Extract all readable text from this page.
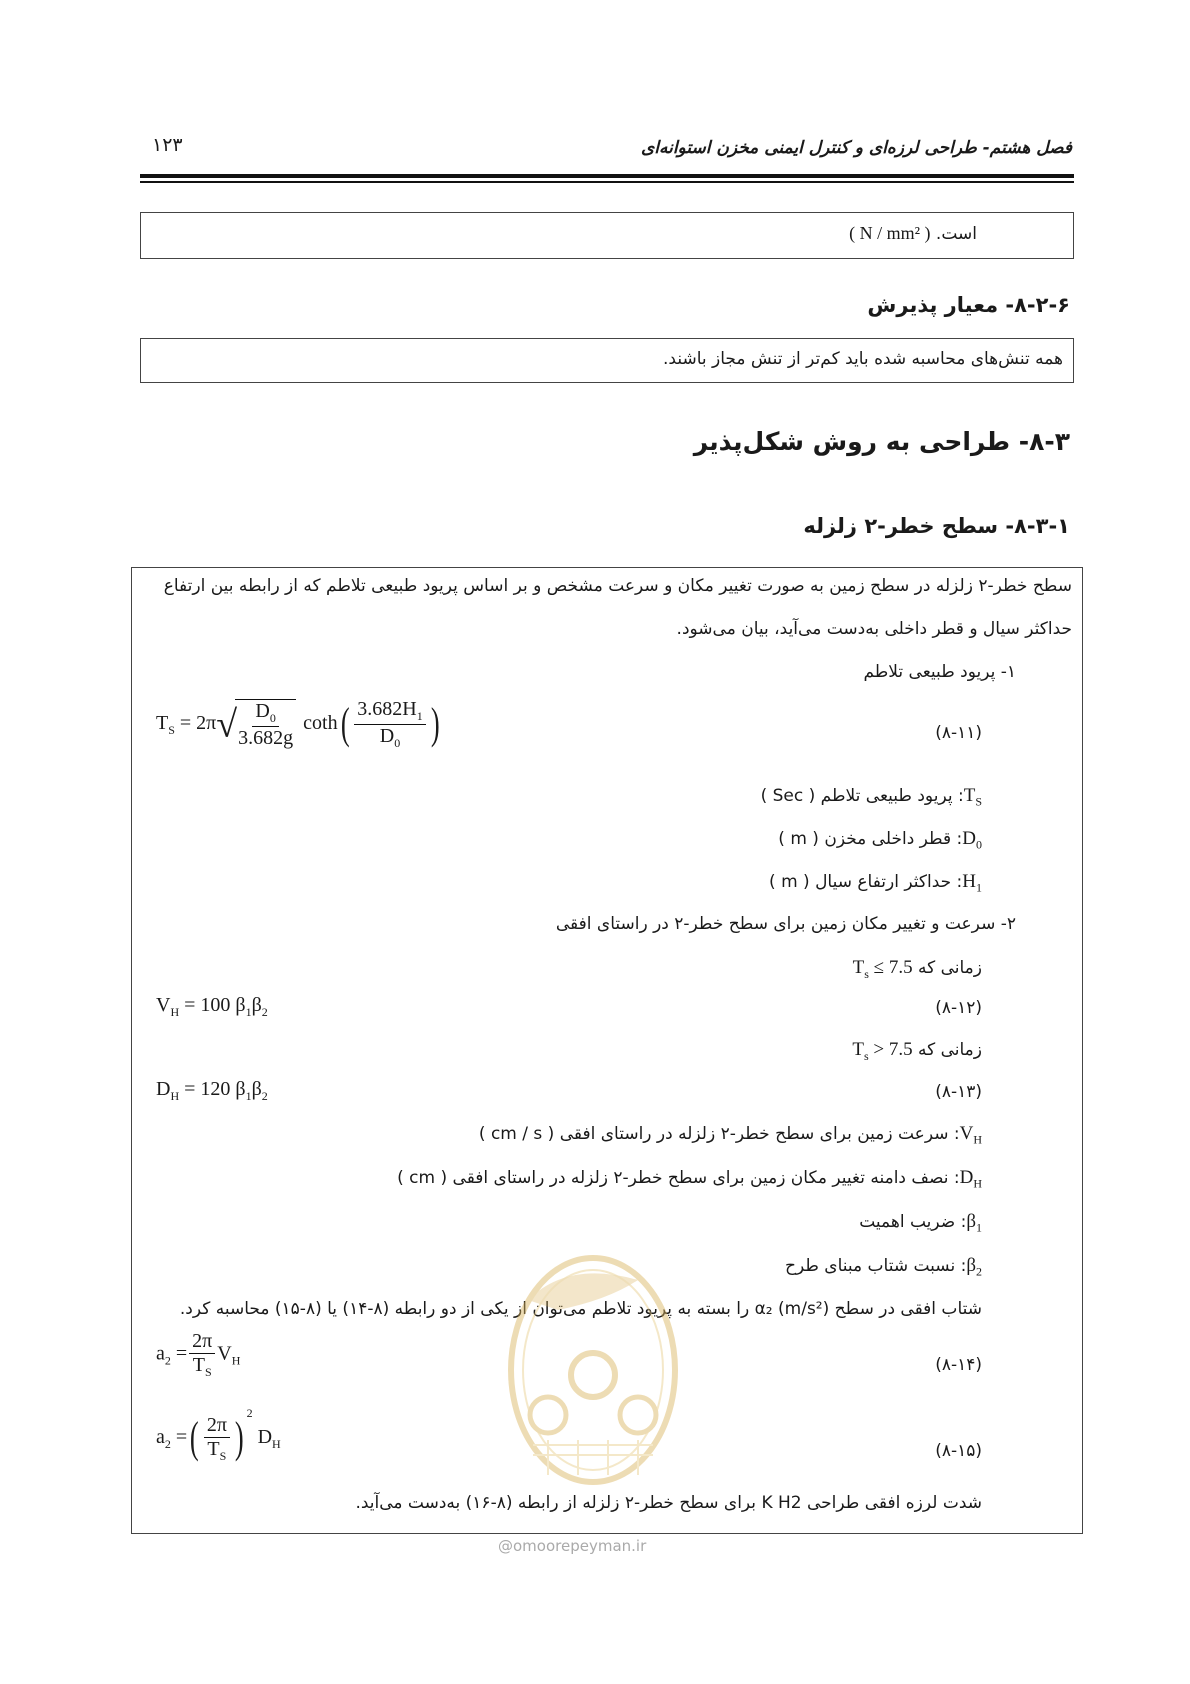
فصل هشتم- طراحی لرزه‌ای و کنترل ایمنی مخزن استوانه‌ای
۱۲۳
است. ( N / mm² )
۸-۲-۶- معیار پذیرش
همه تنش‌های محاسبه شده باید کم‌تر از تنش مجاز باشند.
۸-۳- طراحی به روش شکل‌پذیر
۸-۳-۱- سطح خطر-۲ زلزله
سطح خطر-۲ زلزله در سطح زمین به صورت تغییر مکان و سرعت مشخص و بر اساس پریود طبیعی تلاطم که از رابطه بین ارتفاع
حداکثر سیال و قطر داخلی به‌دست می‌آید، بیان می‌شود.
۱- پریود طبیعی تلاطم
$T_S = 2\pi√$
$\frac{D_0}{3.682g} \cot h( \frac{3.682H_1}{D_0}$ )	(۸-۱۱)
$T_S$: پریود طبیعی تلاطم ( Sec )
$D_0$: قطر داخلی مخزن ( m )
$H_1$: حداکثر ارتفاع سیال ( m )
۲- سرعت و تغییر مکان زمین برای سطح خطر-۲ در راستای افقی
زمانی که $T_s \le 7.5$
$V_H = 100$ $\beta_1\beta_2$	(۸-۱۲)
زمانی که $T_s > 7.5$
$D_H = 120$ $\beta_1\beta_2$	(۸-۱۳)
$V_H$: سرعت زمین برای سطح خطر-۲ زلزله در راستای افقی ( cm / s )
$D_H$: نصف دامنه تغییر مکان زمین برای سطح خطر-۲ زلزله در راستای افقی ( cm )
$\beta_1$: ضریب اهمیت
$\beta_2$: نسبت شتاب مبنای طرح
شتاب افقی در سطح (m/s²) α₂ را بسته به پریود تلاطم می‌توان از یکی از دو رابطه (۸-۱۴) یا (۸-۱۵) محاسبه کرد.
$a_2 = \frac{2\pi}{T_S} V_H$	(۸-۱۴)
$a_2$ =( $\frac{2\pi}{T_S} )^2$ $D_H$	(۸-۱۵)
شدت لرزه افقی طراحی K H2 برای سطح خطر-۲ زلزله از رابطه (۸-۱۶) به‌دست می‌آید.
@omoorepeyman.ir
